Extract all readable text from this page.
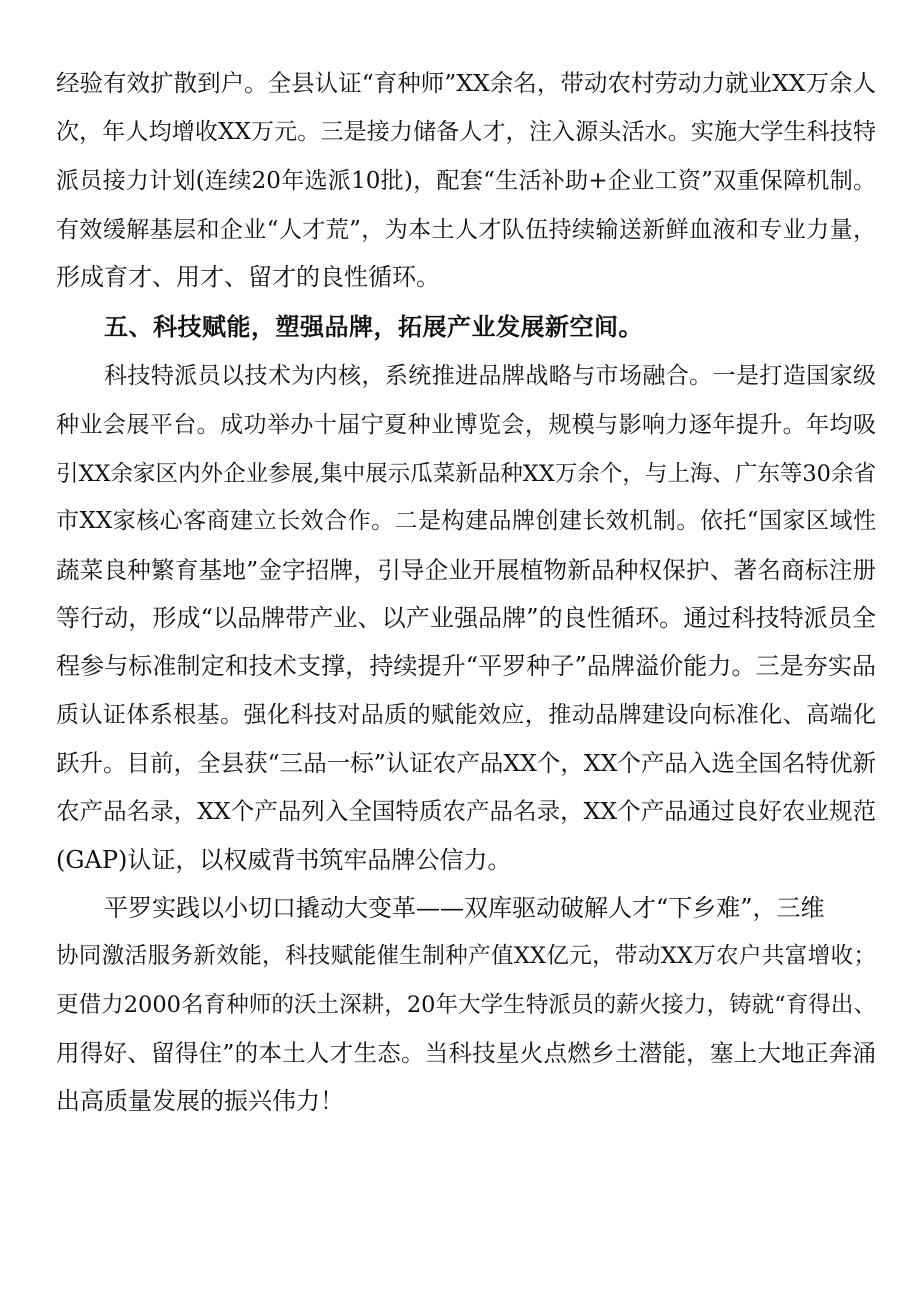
经验有效扩散到户。全县认证“育种师”XX余名，带动农村劳动力就业XX万余人
次，年人均增收XX万元。三是接力储备人才，注入源头活水。实施大学生科技特
派员接力计划(连续20年选派10批)，配套“生活补助+企业工资”双重保障机制。
有效缓解基层和企业“人才荒”，为本土人才队伍持续输送新鲜血液和专业力量，
形成育才、用才、留才的良性循环。
五、科技赋能，塑强品牌，拓展产业发展新空间。
科技特派员以技术为内核，系统推进品牌战略与市场融合。一是打造国家级
种业会展平台。成功举办十届宁夏种业博览会，规模与影响力逐年提升。年均吸
引XX余家区内外企业参展,集中展示瓜菜新品种XX万余个，与上海、广东等30余省
市XX家核心客商建立长效合作。二是构建品牌创建长效机制。依托“国家区域性
蔬菜良种繁育基地”金字招牌，引导企业开展植物新品种权保护、著名商标注册
等行动，形成“以品牌带产业、以产业强品牌”的良性循环。通过科技特派员全
程参与标准制定和技术支撑，持续提升“平罗种子”品牌溢价能力。三是夯实品
质认证体系根基。强化科技对品质的赋能效应，推动品牌建设向标准化、高端化
跃升。目前，全县获“三品一标”认证农产品XX个，XX个产品入选全国名特优新
农产品名录，XX个产品列入全国特质农产品名录，XX个产品通过良好农业规范
(GAP)认证，以权威背书筑牢品牌公信力。
平罗实践以小切口撬动大变革——双库驱动破解人才“下乡难”，三维
协同激活服务新效能，科技赋能催生制种产值XX亿元，带动XX万农户共富增收；
更借力2000名育种师的沃土深耕，20年大学生特派员的薪火接力，铸就“育得出、
用得好、留得住”的本土人才生态。当科技星火点燃乡土潜能，塞上大地正奔涌
出高质量发展的振兴伟力！
